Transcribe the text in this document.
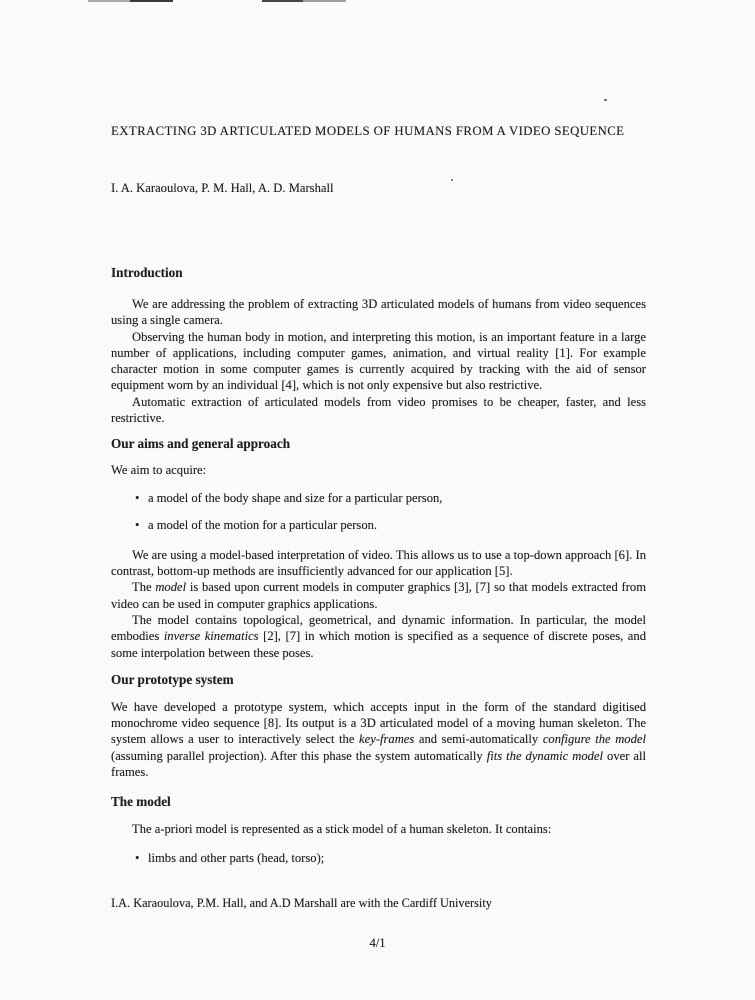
EXTRACTING 3D ARTICULATED MODELS OF HUMANS FROM A VIDEO SEQUENCE
I. A. Karaoulova, P. M. Hall, A. D. Marshall
Introduction

We are addressing the problem of extracting 3D articulated models of humans from video sequences using a single camera.

Observing the human body in motion, and interpreting this motion, is an important feature in a large number of applications, including computer games, animation, and virtual reality [1]. For example character motion in some computer games is currently acquired by tracking with the aid of sensor equipment worn by an individual [4], which is not only expensive but also restrictive.

Automatic extraction of articulated models from video promises to be cheaper, faster, and less restrictive.

Our aims and general approach

We aim to acquire:

• a model of the body shape and size for a particular person,
• a model of the motion for a particular person.

We are using a model-based interpretation of video. This allows us to use a top-down approach [6]. In contrast, bottom-up methods are insufficiently advanced for our application [5].

The model is based upon current models in computer graphics [3], [7] so that models extracted from video can be used in computer graphics applications.

The model contains topological, geometrical, and dynamic information. In particular, the model embodies inverse kinematics [2], [7] in which motion is specified as a sequence of discrete poses, and some interpolation between these poses.

Our prototype system

We have developed a prototype system, which accepts input in the form of the standard digitised monochrome video sequence [8]. Its output is a 3D articulated model of a moving human skeleton. The system allows a user to interactively select the key-frames and semi-automatically configure the model (assuming parallel projection). After this phase the system automatically fits the dynamic model over all frames.

The model

The a-priori model is represented as a stick model of a human skeleton. It contains:

• limbs and other parts (head, torso);
I.A. Karaoulova, P.M. Hall, and A.D Marshall are with the Cardiff University
4/1
